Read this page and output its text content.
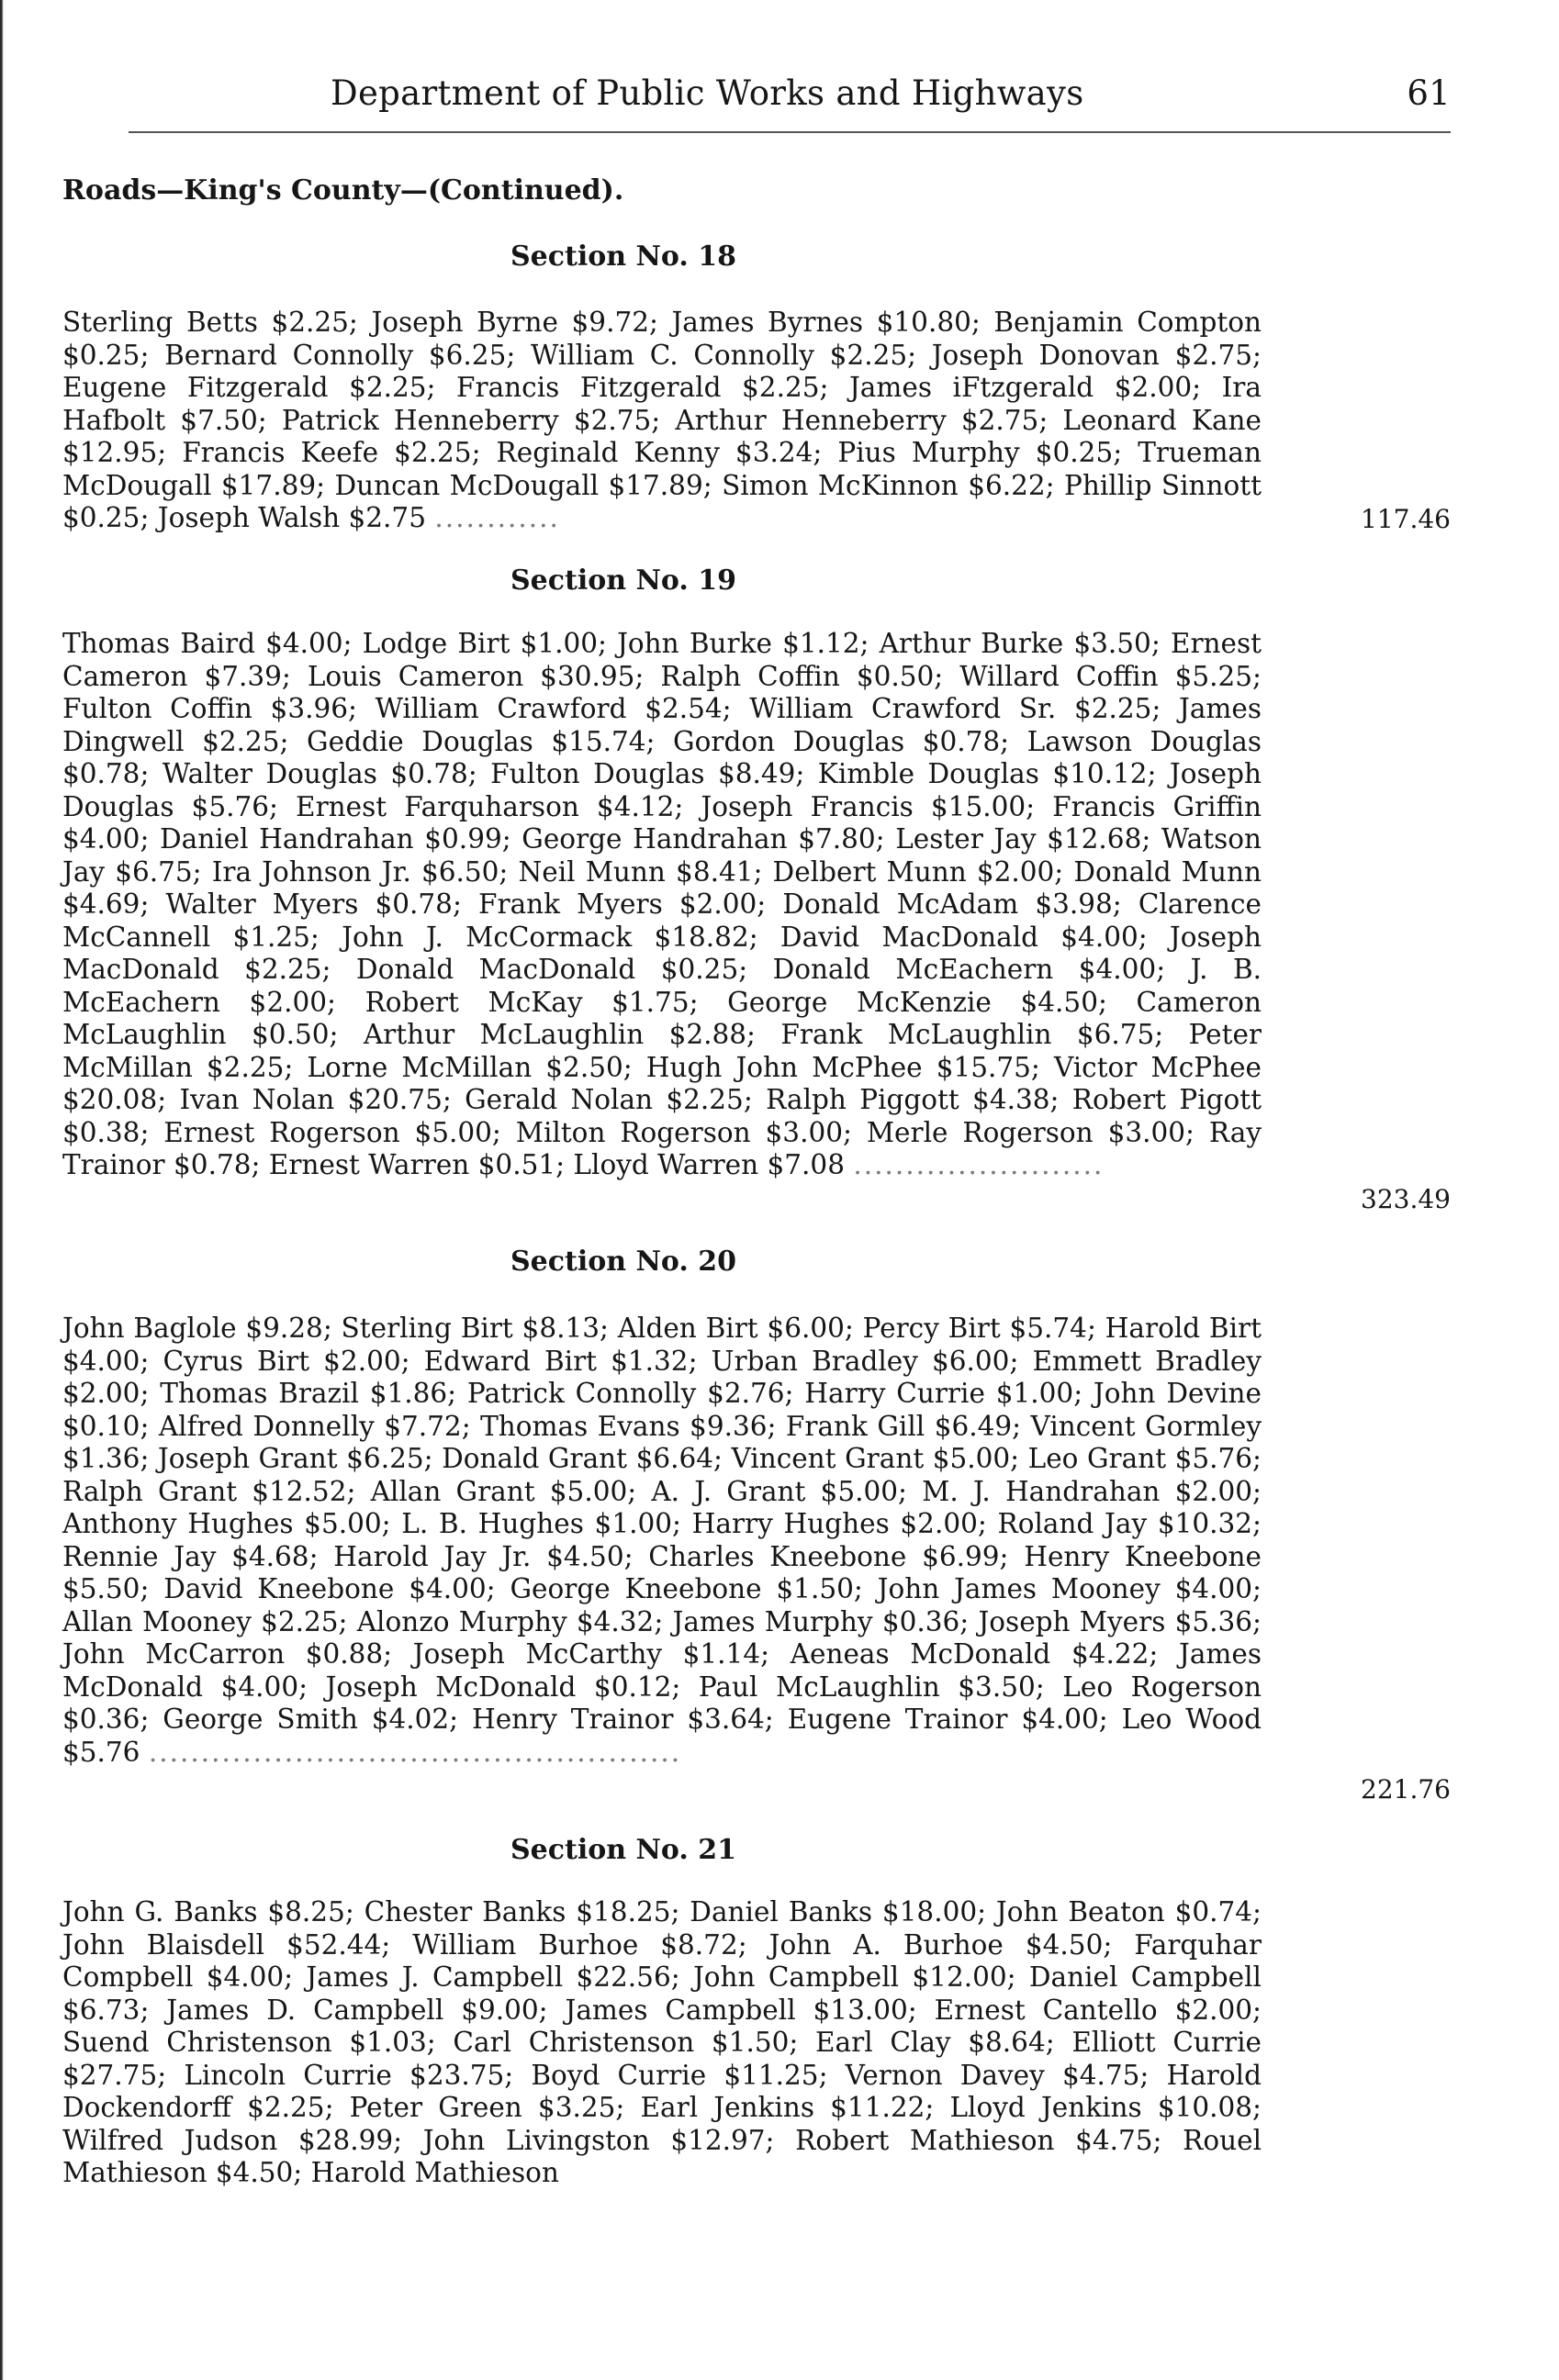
Department of Public Works and Highways	61
Roads—King's County—(Continued).
Section No. 18
Sterling Betts $2.25; Joseph Byrne $9.72; James Byrnes $10.80; Benjamin Compton $0.25; Bernard Connolly $6.25; William C. Connolly $2.25; Joseph Donovan $2.75; Eugene Fitzgerald $2.25; Francis Fitzgerald $2.25; James iFtzgerald $2.00; Ira Hafbolt $7.50; Patrick Henneberry $2.75; Arthur Henneberry $2.75; Leonard Kane $12.95; Francis Keefe $2.25; Reginald Kenny $3.24; Pius Murphy $0.25; Trueman McDougall $17.89; Duncan McDougall $17.89; Simon McKinnon $6.22; Phillip Sinnott $0.25; Joseph Walsh $2.75 ............	117.46
Section No. 19
Thomas Baird $4.00; Lodge Birt $1.00; John Burke $1.12; Arthur Burke $3.50; Ernest Cameron $7.39; Louis Cameron $30.95; Ralph Coffin $0.50; Willard Coffin $5.25; Fulton Coffin $3.96; William Crawford $2.54; William Crawford Sr. $2.25; James Dingwell $2.25; Geddie Douglas $15.74; Gordon Douglas $0.78; Lawson Douglas $0.78; Walter Douglas $0.78; Fulton Douglas $8.49; Kimble Douglas $10.12; Joseph Douglas $5.76; Ernest Farquharson $4.12; Joseph Francis $15.00; Francis Griffin $4.00; Daniel Handrahan $0.99; George Handrahan $7.80; Lester Jay $12.68; Watson Jay $6.75; Ira Johnson Jr. $6.50; Neil Munn $8.41; Delbert Munn $2.00; Donald Munn $4.69; Walter Myers $0.78; Frank Myers $2.00; Donald McAdam $3.98; Clarence McCannell $1.25; John J. McCormack $18.82; David MacDonald $4.00; Joseph MacDonald $2.25; Donald MacDonald $0.25; Donald McEachern $4.00; J. B. McEachern $2.00; Robert McKay $1.75; George McKenzie $4.50; Cameron McLaughlin $0.50; Arthur McLaughlin $2.88; Frank McLaughlin $6.75; Peter McMillan $2.25; Lorne McMillan $2.50; Hugh John McPhee $15.75; Victor McPhee $20.08; Ivan Nolan $20.75; Gerald Nolan $2.25; Ralph Piggott $4.38; Robert Pigott $0.38; Ernest Rogerson $5.00; Milton Rogerson $3.00; Merle Rogerson $3.00; Ray Trainor $0.78; Ernest Warren $0.51; Lloyd Warren $7.08 ........................
323.49
Section No. 20
John Baglole $9.28; Sterling Birt $8.13; Alden Birt $6.00; Percy Birt $5.74; Harold Birt $4.00; Cyrus Birt $2.00; Edward Birt $1.32; Urban Bradley $6.00; Emmett Bradley $2.00; Thomas Brazil $1.86; Patrick Connolly $2.76; Harry Currie $1.00; John Devine $0.10; Alfred Donnelly $7.72; Thomas Evans $9.36; Frank Gill $6.49; Vincent Gormley $1.36; Joseph Grant $6.25; Donald Grant $6.64; Vincent Grant $5.00; Leo Grant $5.76; Ralph Grant $12.52; Allan Grant $5.00; A. J. Grant $5.00; M. J. Handrahan $2.00; Anthony Hughes $5.00; L. B. Hughes $1.00; Harry Hughes $2.00; Roland Jay $10.32; Rennie Jay $4.68; Harold Jay Jr. $4.50; Charles Kneebone $6.99; Henry Kneebone $5.50; David Kneebone $4.00; George Kneebone $1.50; John James Mooney $4.00; Allan Mooney $2.25; Alonzo Murphy $4.32; James Murphy $0.36; Joseph Myers $5.36; John McCarron $0.88; Joseph McCarthy $1.14; Aeneas McDonald $4.22; James McDonald $4.00; Joseph McDonald $0.12; Paul McLaughlin $3.50; Leo Rogerson $0.36; George Smith $4.02; Henry Trainor $3.64; Eugene Trainor $4.00; Leo Wood $5.76 ...................................................
221.76
Section No. 21
John G. Banks $8.25; Chester Banks $18.25; Daniel Banks $18.00; John Beaton $0.74; John Blaisdell $52.44; William Burhoe $8.72; John A. Burhoe $4.50; Farquhar Compbell $4.00; James J. Campbell $22.56; John Campbell $12.00; Daniel Campbell $6.73; James D. Campbell $9.00; James Campbell $13.00; Ernest Cantello $2.00; Suend Christenson $1.03; Carl Christenson $1.50; Earl Clay $8.64; Elliott Currie $27.75; Lincoln Currie $23.75; Boyd Currie $11.25; Vernon Davey $4.75; Harold Dockendorff $2.25; Peter Green $3.25; Earl Jenkins $11.22; Lloyd Jenkins $10.08; Wilfred Judson $28.99; John Livingston $12.97; Robert Mathieson $4.75; Rouel Mathieson $4.50; Harold Mathieson
